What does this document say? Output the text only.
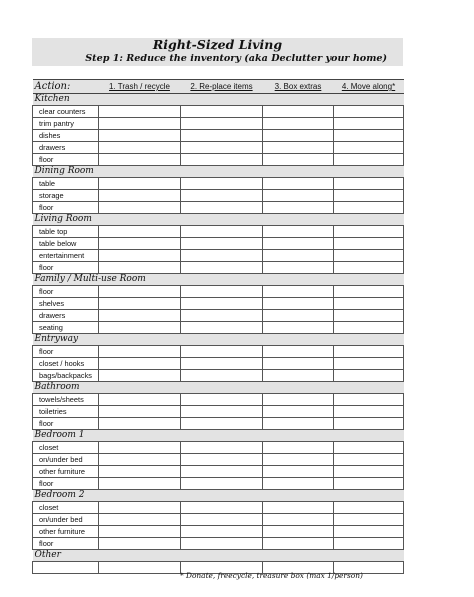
Right-Sized Living
Step 1: Reduce the inventory (aka Declutter your home)
Action:	1. Trash / recycle	2. Re-place items	3. Box extras	4. Move along*
Kitchen				
clear counters				
trim pantry				
dishes				
drawers				
floor				
Dining Room				
table				
storage				
floor				
Living Room				
table top				
table below				
entertainment				
floor				
Family / Multi-use Room				
floor				
shelves				
drawers				
seating				
Entryway				
floor				
closet / hooks				
bags/backpacks				
Bathroom				
towels/sheets				
toiletries				
floor				
Bedroom 1				
closet				
on/under bed				
other furniture				
floor				
Bedroom 2				
closet				
on/under bed				
other furniture				
floor				
Other				

* Donate, freecycle, treasure box (max 1/person)
